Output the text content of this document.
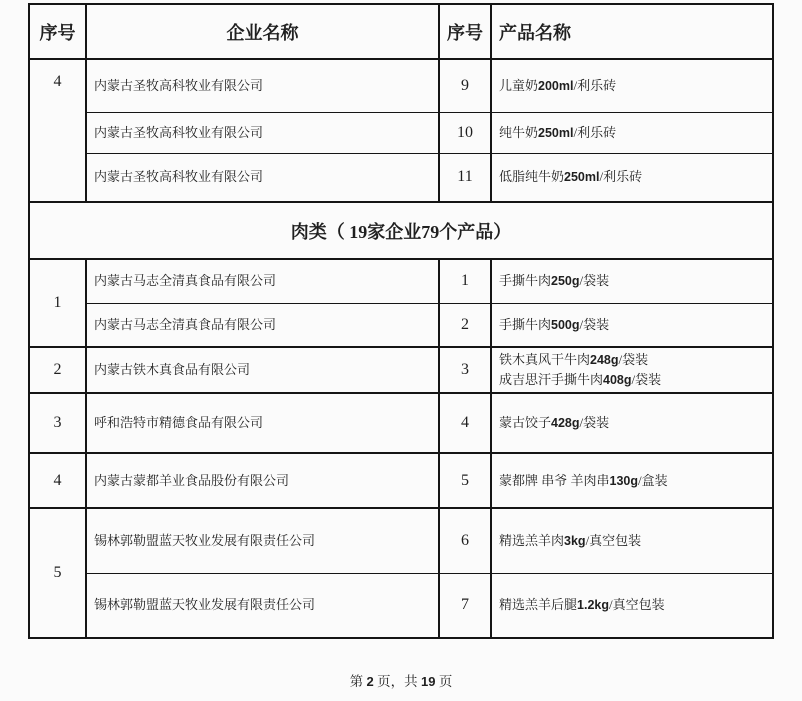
序号	企业名称	序号	产品名称
4	内蒙古圣牧高科牧业有限公司	9	儿童奶200ml/利乐砖

	内蒙古圣牧高科牧业有限公司	10	纯牛奶250ml/利乐砖

	内蒙古圣牧高科牧业有限公司	11	低脂纯牛奶250ml/利乐砖

肉类（ 19家企业79个产品）			
1	内蒙古马志全清真食品有限公司	1	手撕牛肉250g/袋装

	内蒙古马志全清真食品有限公司	2	手撕牛肉500g/袋装

2	内蒙古铁木真食品有限公司	3	铁木真风干牛肉248g/袋装
成吉思汗手撕牛肉408g/袋装

3	呼和浩特市精德食品有限公司	4	蒙古饺子428g/袋装

4	内蒙古蒙都羊业食品股份有限公司	5	蒙都牌 串爷 羊肉串130g/盒装

5	锡林郭勒盟蓝天牧业发展有限责任公司	6	精选羔羊肉3kg/真空包装

	锡林郭勒盟蓝天牧业发展有限责任公司	7	精选羔羊后腿1.2kg/真空包装
第 2 页，共 19 页
